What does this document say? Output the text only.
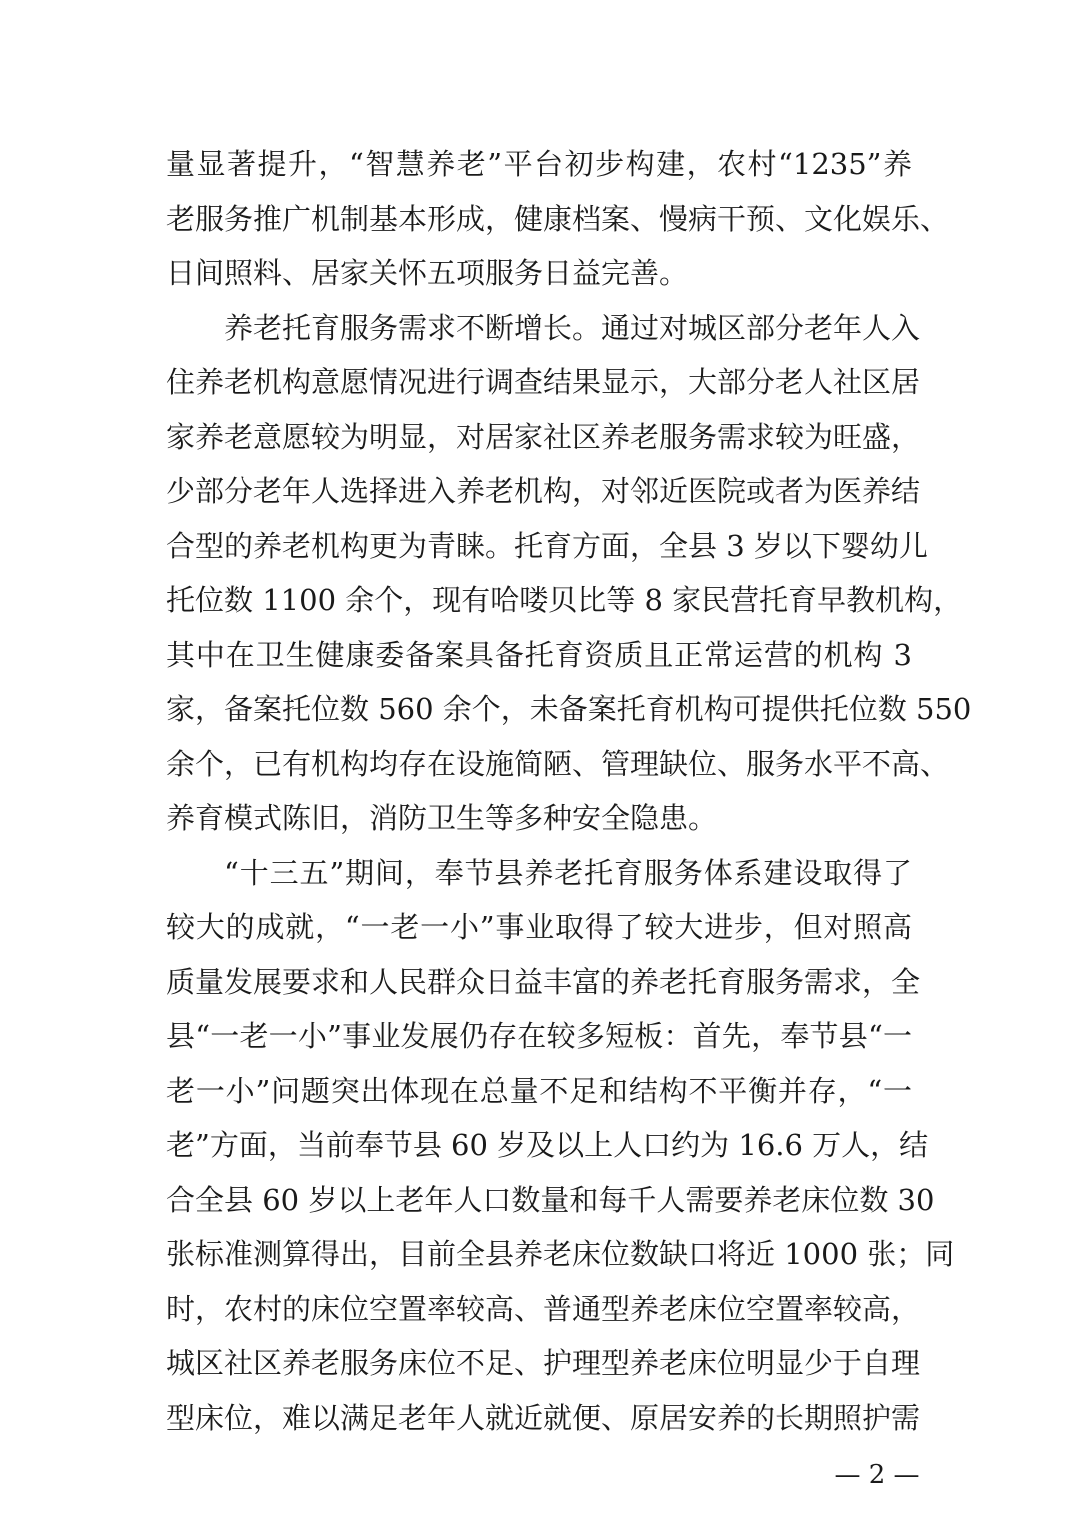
量显著提升，“智慧养老”平台初步构建，农村“1235”养
老服务推广机制基本形成，健康档案、慢病干预、文化娱乐、
日间照料、居家关怀五项服务日益完善。
养老托育服务需求不断增长。通过对城区部分老年人入
住养老机构意愿情况进行调查结果显示，大部分老人社区居
家养老意愿较为明显，对居家社区养老服务需求较为旺盛，
少部分老年人选择进入养老机构，对邻近医院或者为医养结
合型的养老机构更为青睐。托育方面，全县 3 岁以下婴幼儿
托位数 1100 余个，现有哈喽贝比等 8 家民营托育早教机构，
其中在卫生健康委备案具备托育资质且正常运营的机构 3
家，备案托位数 560 余个，未备案托育机构可提供托位数 550
余个，已有机构均存在设施简陋、管理缺位、服务水平不高、
养育模式陈旧，消防卫生等多种安全隐患。
“十三五”期间，奉节县养老托育服务体系建设取得了
较大的成就，“一老一小”事业取得了较大进步，但对照高
质量发展要求和人民群众日益丰富的养老托育服务需求，全
县“一老一小”事业发展仍存在较多短板：首先，奉节县“一
老一小”问题突出体现在总量不足和结构不平衡并存，“一
老”方面，当前奉节县 60 岁及以上人口约为 16.6 万人，结
合全县 60 岁以上老年人口数量和每千人需要养老床位数 30
张标准测算得出，目前全县养老床位数缺口将近 1000 张；同
时，农村的床位空置率较高、普通型养老床位空置率较高，
城区社区养老服务床位不足、护理型养老床位明显少于自理
型床位，难以满足老年人就近就便、原居安养的长期照护需
— 2 —
